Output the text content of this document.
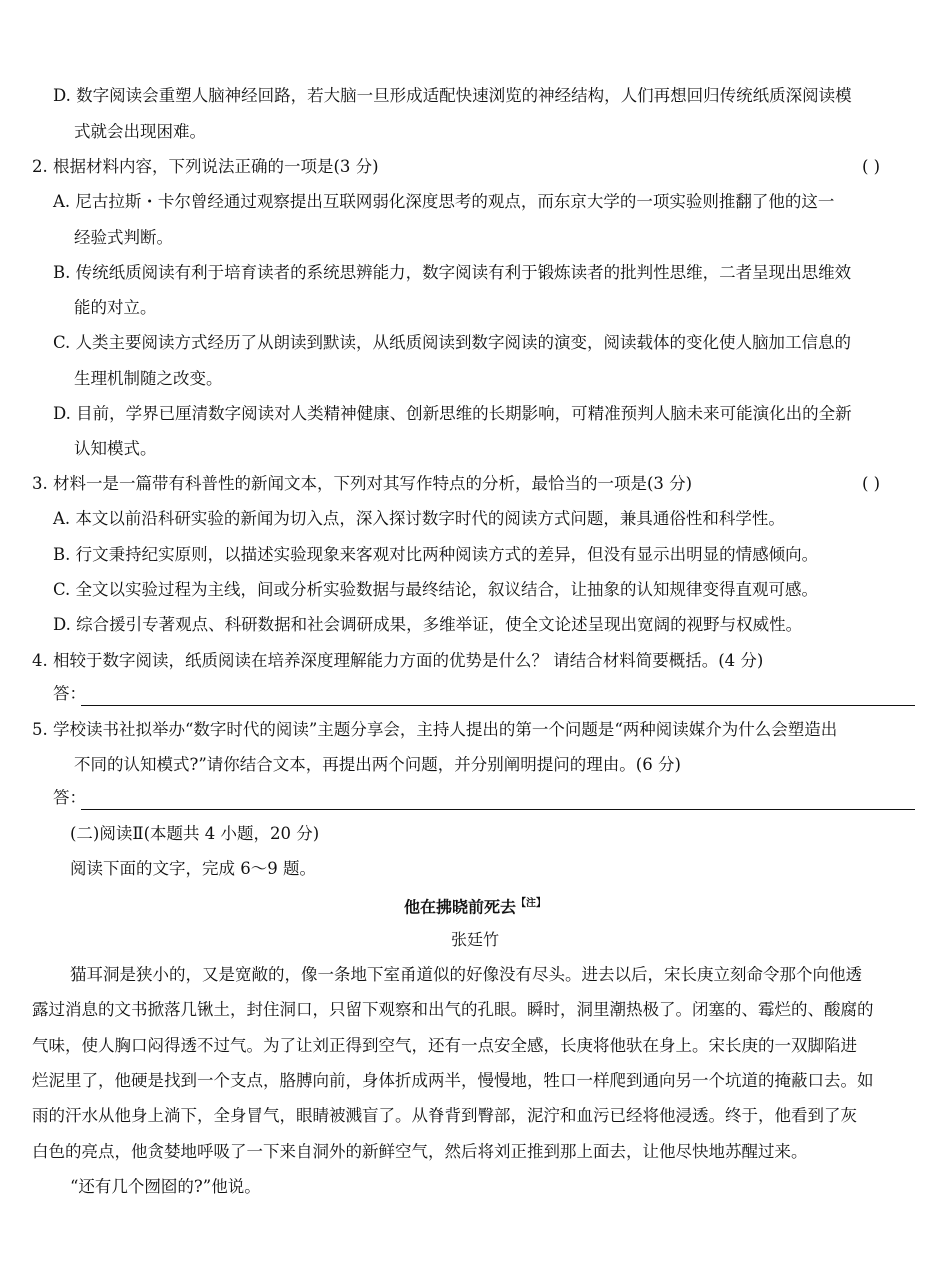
D. 数字阅读会重塑人脑神经回路，若大脑一旦形成适配快速浏览的神经结构，人们再想回归传统纸质深阅读模
式就会出现困难。
2. 根据材料内容，下列说法正确的一项是(3 分)	( )
A. 尼古拉斯・卡尔曾经通过观察提出互联网弱化深度思考的观点，而东京大学的一项实验则推翻了他的这一
经验式判断。
B. 传统纸质阅读有利于培育读者的系统思辨能力，数字阅读有利于锻炼读者的批判性思维，二者呈现出思维效
能的对立。
C. 人类主要阅读方式经历了从朗读到默读，从纸质阅读到数字阅读的演变，阅读载体的变化使人脑加工信息的
生理机制随之改变。
D. 目前，学界已厘清数字阅读对人类精神健康、创新思维的长期影响，可精准预判人脑未来可能演化出的全新
认知模式。
3. 材料一是一篇带有科普性的新闻文本，下列对其写作特点的分析，最恰当的一项是(3 分)	( )
A. 本文以前沿科研实验的新闻为切入点，深入探讨数字时代的阅读方式问题，兼具通俗性和科学性。
B. 行文秉持纪实原则，以描述实验现象来客观对比两种阅读方式的差异，但没有显示出明显的情感倾向。
C. 全文以实验过程为主线，间或分析实验数据与最终结论，叙议结合，让抽象的认知规律变得直观可感。
D. 综合援引专著观点、科研数据和社会调研成果，多维举证，使全文论述呈现出宽阔的视野与权威性。
4. 相较于数字阅读，纸质阅读在培养深度理解能力方面的优势是什么？ 请结合材料简要概括。(4 分)
答：
5. 学校读书社拟举办“数字时代的阅读”主题分享会，主持人提出的第一个问题是“两种阅读媒介为什么会塑造出
不同的认知模式?”请你结合文本，再提出两个问题，并分别阐明提问的理由。(6 分)
答：
(二)阅读Ⅱ(本题共 4 小题，20 分)
阅读下面的文字，完成 6～9 题。
他在拂晓前死去$^{【注】}$
张廷竹
猫耳洞是狭小的，又是宽敞的，像一条地下室甬道似的好像没有尽头。进去以后，宋长庚立刻命令那个向他透
露过消息的文书掀落几锹土，封住洞口，只留下观察和出气的孔眼。瞬时，洞里潮热极了。闭塞的、霉烂的、酸腐的
气味，使人胸口闷得透不过气。为了让刘正得到空气，还有一点安全感，长庚将他驮在身上。宋长庚的一双脚陷进
烂泥里了，他硬是找到一个支点，胳膊向前，身体折成两半，慢慢地，牲口一样爬到通向另一个坑道的掩蔽口去。如
雨的汗水从他身上淌下，全身冒气，眼睛被溅盲了。从脊背到臀部，泥泞和血污已经将他浸透。终于，他看到了灰
白色的亮点，他贪婪地呼吸了一下来自洞外的新鲜空气，然后将刘正推到那上面去，让他尽快地苏醒过来。
“还有几个囫囵的?”他说。
